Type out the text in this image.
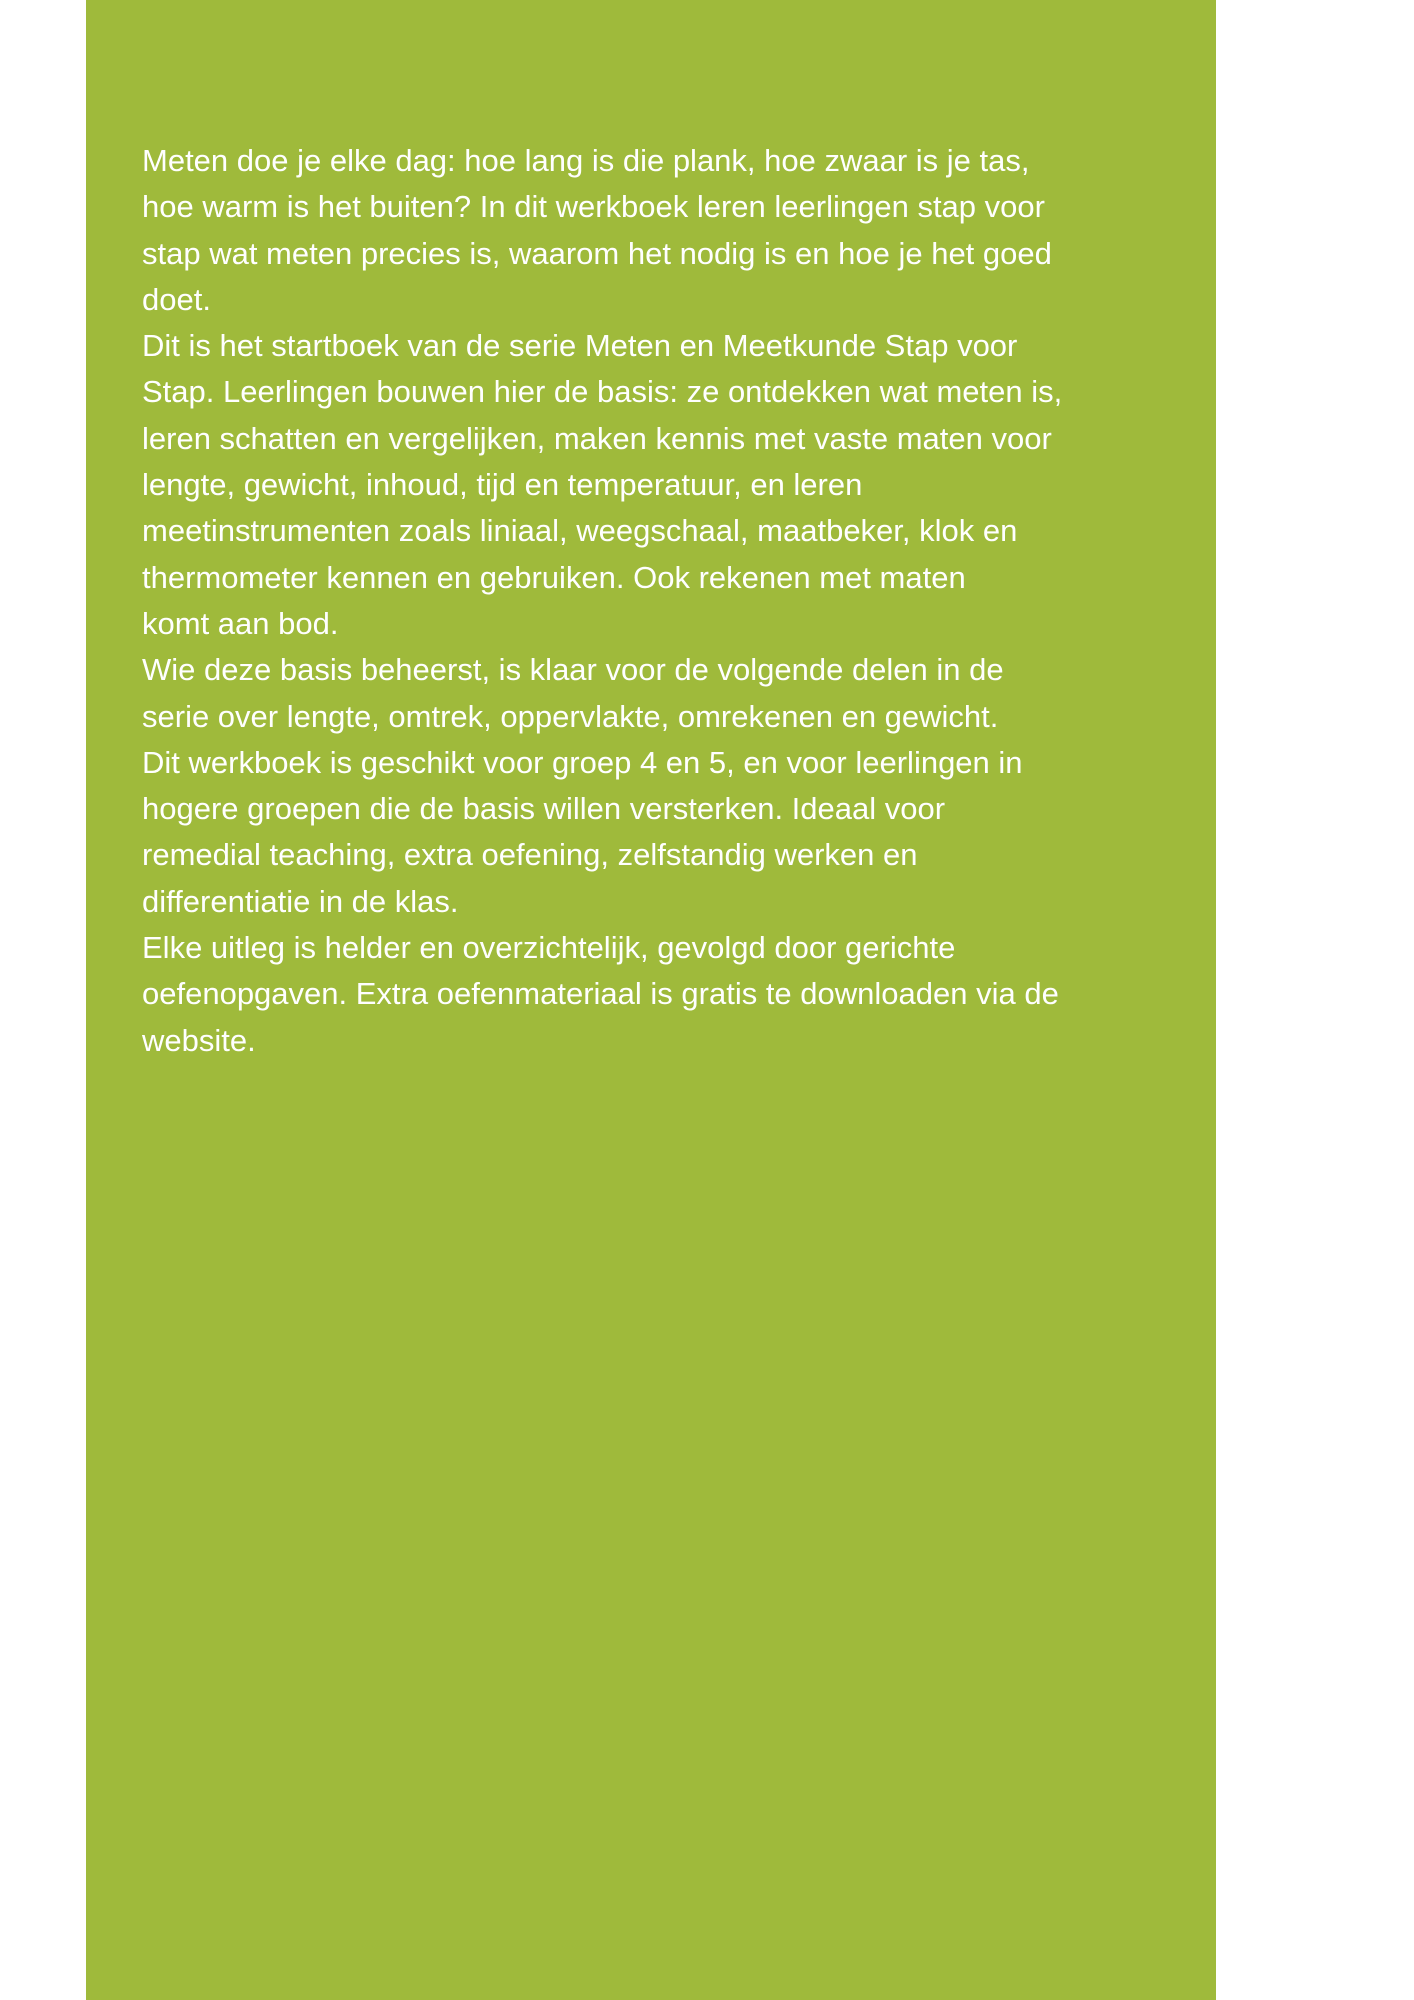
Meten doe je elke dag: hoe lang is die plank, hoe zwaar is je tas,
hoe warm is het buiten? In dit werkboek leren leerlingen stap voor
stap wat meten precies is, waarom het nodig is en hoe je het goed
doet.

Dit is het startboek van de serie Meten en Meetkunde Stap voor
Stap. Leerlingen bouwen hier de basis: ze ontdekken wat meten is,
leren schatten en vergelijken, maken kennis met vaste maten voor
lengte, gewicht, inhoud, tijd en temperatuur, en leren
meetinstrumenten zoals liniaal, weegschaal, maatbeker, klok en
thermometer kennen en gebruiken. Ook rekenen met maten
komt aan bod.

Wie deze basis beheerst, is klaar voor de volgende delen in de
serie over lengte, omtrek, oppervlakte, omrekenen en gewicht.

Dit werkboek is geschikt voor groep 4 en 5, en voor leerlingen in
hogere groepen die de basis willen versterken. Ideaal voor
remedial teaching, extra oefening, zelfstandig werken en
differentiatie in de klas.

Elke uitleg is helder en overzichtelijk, gevolgd door gerichte
oefenopgaven. Extra oefenmateriaal is gratis te downloaden via de
website.
